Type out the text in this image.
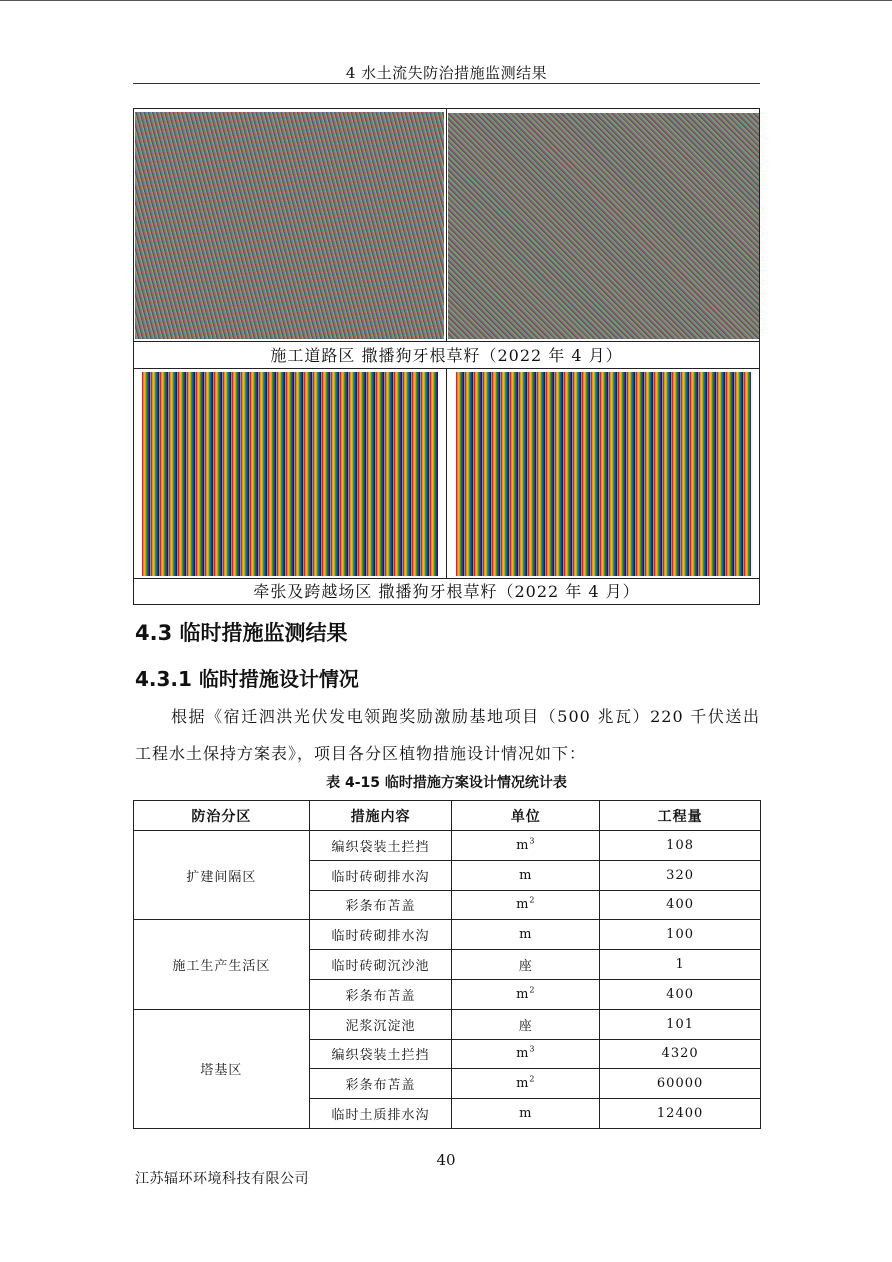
4 水土流失防治措施监测结果
施工道路区 撒播狗牙根草籽（2022 年 4 月）
牵张及跨越场区 撒播狗牙根草籽（2022 年 4 月）
4.3 临时措施监测结果
4.3.1 临时措施设计情况
根据《宿迁泗洪光伏发电领跑奖励激励基地项目（500 兆瓦）220 千伏送出工程水土保持方案表》，项目各分区植物措施设计情况如下：
表 4-15 临时措施方案设计情况统计表
防治分区	措施内容	单位	工程量
扩建间隔区	编织袋装土拦挡	$m^3$	108
	临时砖砌排水沟	m	320
	彩条布苫盖	$m^2$	400
施工生产生活区	临时砖砌排水沟	m	100
	临时砖砌沉沙池	座	1
	彩条布苫盖	$m^2$	400
塔基区	泥浆沉淀池	座	101
	编织袋装土拦挡	$m^3$	4320
	彩条布苫盖	$m^2$	60000
	临时土质排水沟	m	12400
40
江苏辐环环境科技有限公司
